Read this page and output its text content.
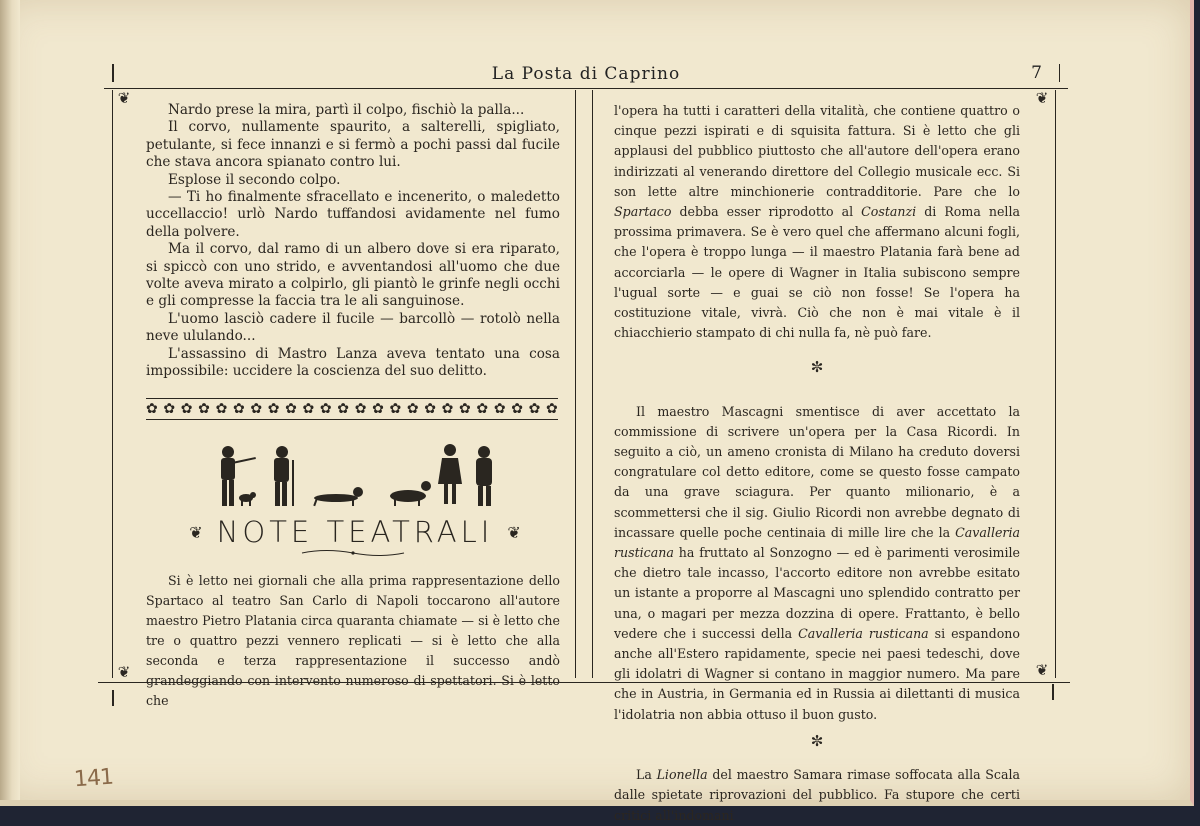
La Posta di Caprino	7
❦	❦
❦	❦

Nardo prese la mira, partì il colpo, fischiò la palla...

Il corvo, nullamente spaurito, a salterelli, spigliato, petulante, si fece innanzi e si fermò a pochi passi dal fucile che stava ancora spianato contro lui.

Esplose il secondo colpo.

— Ti ho finalmente sfracellato e incenerito, o maledetto uccellaccio! urlò Nardo tuffandosi avidamente nel fumo della polvere.

Ma il corvo, dal ramo di un albero dove si era riparato, si spiccò con uno strido, e avventandosi all'uomo che due volte aveva mirato a colpirlo, gli piantò le grinfe negli occhi e gli compresse la faccia tra le ali sanguinose.

L'uomo lasciò cadere il fucile — barcollò — rotolò nella neve ululando...

L'assassino di Mastro Lanza aveva tentato una cosa impossibile: uccidere la coscienza del suo delitto.

✿ ✿ ✿ ✿ ✿ ✿ ✿ ✿ ✿ ✿ ✿ ✿ ✿ ✿ ✿ ✿ ✿ ✿ ✿ ✿ ✿ ✿ ✿ ✿
❦ NOTE TEATRALI ❦

Si è letto nei giornali che alla prima rappresentazione dello Spartaco al teatro San Carlo di Napoli toccarono all'autore maestro Pietro Platania circa quaranta chiamate — si è letto che tre o quattro pezzi vennero replicati — si è letto che alla seconda e terza rappresentazione il successo andò grandeggiando con intervento numeroso di spettatori. Si è letto che

l'opera ha tutti i caratteri della vitalità, che contiene quattro o cinque pezzi ispirati e di squisita fattura. Si è letto che gli applausi del pubblico piuttosto che all'autore dell'opera erano indirizzati al venerando direttore del Collegio musicale ecc. Si son lette altre minchionerie contradditorie. Pare che lo Spartaco debba esser riprodotto al Costanzi di Roma nella prossima primavera. Se è vero quel che affermano alcuni fogli, che l'opera è troppo lunga — il maestro Platania farà bene ad accorciarla — le opere di Wagner in Italia subiscono sempre l'ugual sorte — e guai se ciò non fosse! Se l'opera ha costituzione vitale, vivrà. Ciò che non è mai vitale è il chiacchierio stampato di chi nulla fa, nè può fare.

✼

Il maestro Mascagni smentisce di aver accettato la commissione di scrivere un'opera per la Casa Ricordi. In seguito a ciò, un ameno cronista di Milano ha creduto doversi congratulare col detto editore, come se questo fosse campato da una grave sciagura. Per quanto milionario, è a scommettersi che il sig. Giulio Ricordi non avrebbe degnato di incassare quelle poche centinaia di mille lire che la Cavalleria rusticana ha fruttato al Sonzogno — ed è parimenti verosimile che dietro tale incasso, l'accorto editore non avrebbe esitato un istante a proporre al Mascagni uno splendido contratto per una, o magari per mezza dozzina di opere. Frattanto, è bello vedere che i successi della Cavalleria rusticana si espandono anche all'Estero rapidamente, specie nei paesi tedeschi, dove gli idolatri di Wagner si contano in maggior numero. Ma pare che in Austria, in Germania ed in Russia ai dilettanti di musica l'idolatria non abbia ottuso il buon gusto.

✼

La Lionella del maestro Samara rimase soffocata alla Scala dalle spietate riprovazioni del pubblico. Fa stupore che certi critici all'indomani

141
